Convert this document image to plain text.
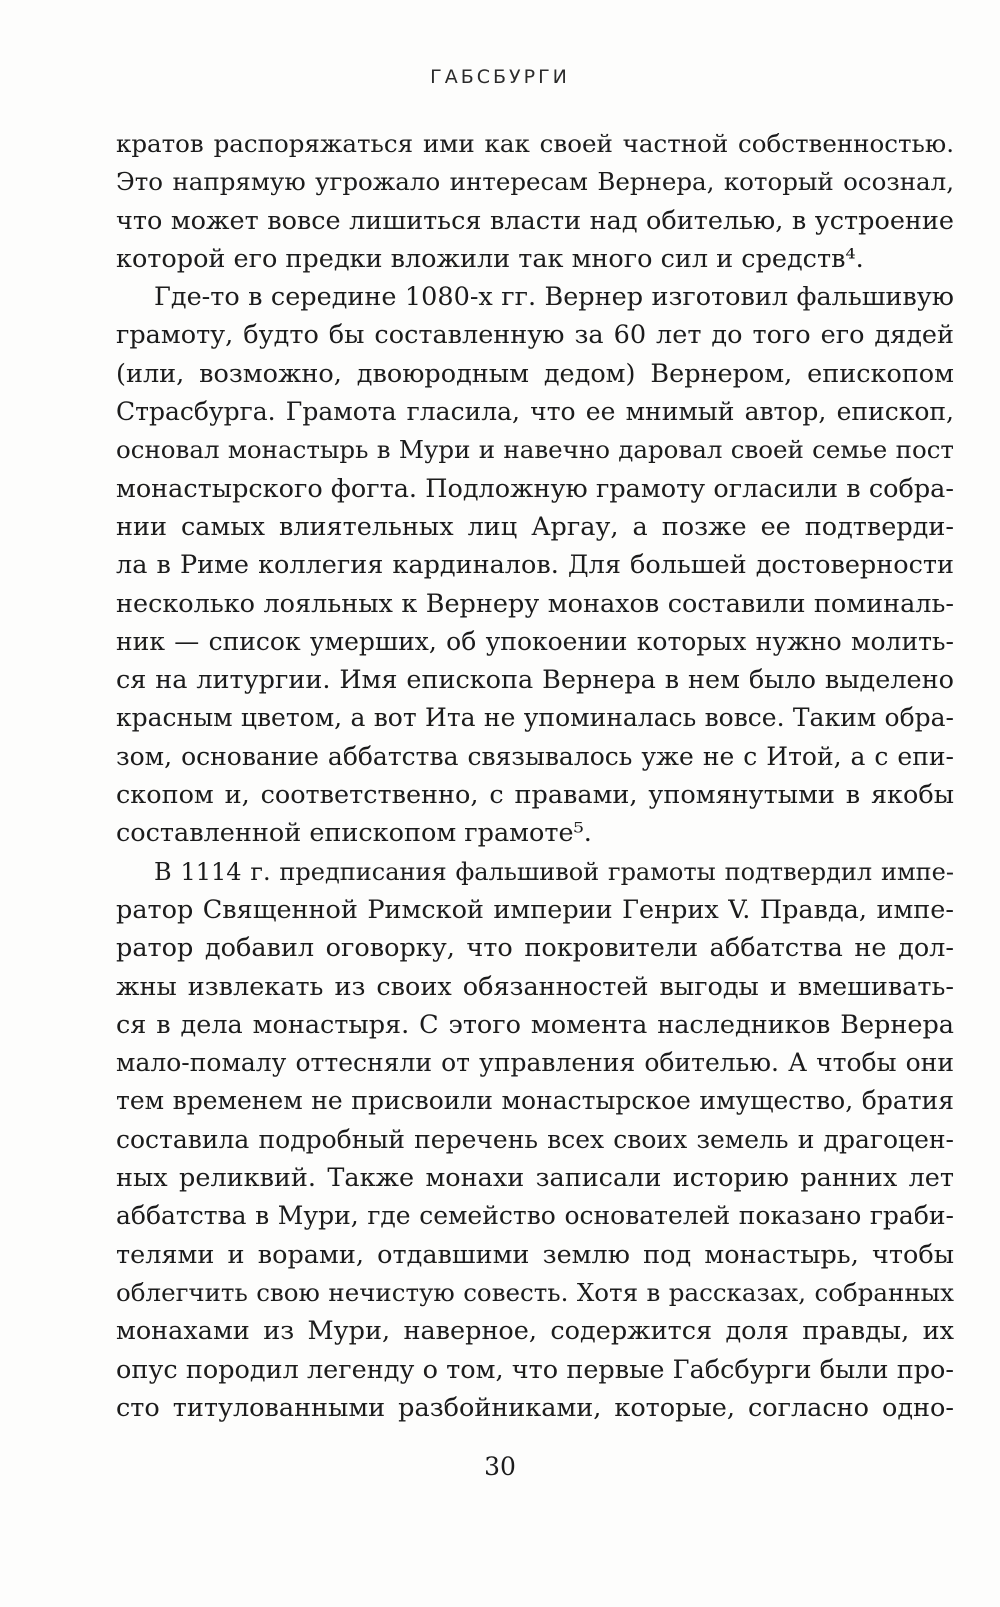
ГАБСБУРГИ
кратов распоряжаться ими как своей частной собственностью.
Это напрямую угрожало интересам Вернера, который осознал,
что может вовсе лишиться власти над обителью, в устроение
которой его предки вложили так много сил и средств⁴.
Где-то в середине 1080-х гг. Вернер изготовил фальшивую
грамоту, будто бы составленную за 60 лет до того его дядей
(или, возможно, двоюродным дедом) Вернером, епископом
Страсбурга. Грамота гласила, что ее мнимый автор, епископ,
основал монастырь в Мури и навечно даровал своей семье пост
монастырского фогта. Подложную грамоту огласили в собра-
нии самых влиятельных лиц Аргау, а позже ее подтверди-
ла в Риме коллегия кардиналов. Для большей достоверности
несколько лояльных к Вернеру монахов составили поминаль-
ник — список умерших, об упокоении которых нужно молить-
ся на литургии. Имя епископа Вернера в нем было выделено
красным цветом, а вот Ита не упоминалась вовсе. Таким обра-
зом, основание аббатства связывалось уже не с Итой, а с епи-
скопом и, соответственно, с правами, упомянутыми в якобы
составленной епископом грамоте⁵.
В 1114 г. предписания фальшивой грамоты подтвердил импе-
ратор Священной Римской империи Генрих V. Правда, импе-
ратор добавил оговорку, что покровители аббатства не дол-
жны извлекать из своих обязанностей выгоды и вмешивать-
ся в дела монастыря. С этого момента наследников Вернера
мало-помалу оттесняли от управления обителью. А чтобы они
тем временем не присвоили монастырское имущество, братия
составила подробный перечень всех своих земель и драгоцен-
ных реликвий. Также монахи записали историю ранних лет
аббатства в Мури, где семейство основателей показано граби-
телями и ворами, отдавшими землю под монастырь, чтобы
облегчить свою нечистую совесть. Хотя в рассказах, собранных
монахами из Мури, наверное, содержится доля правды, их
опус породил легенду о том, что первые Габсбурги были про-
сто титулованными разбойниками, которые, согласно одно-
30
